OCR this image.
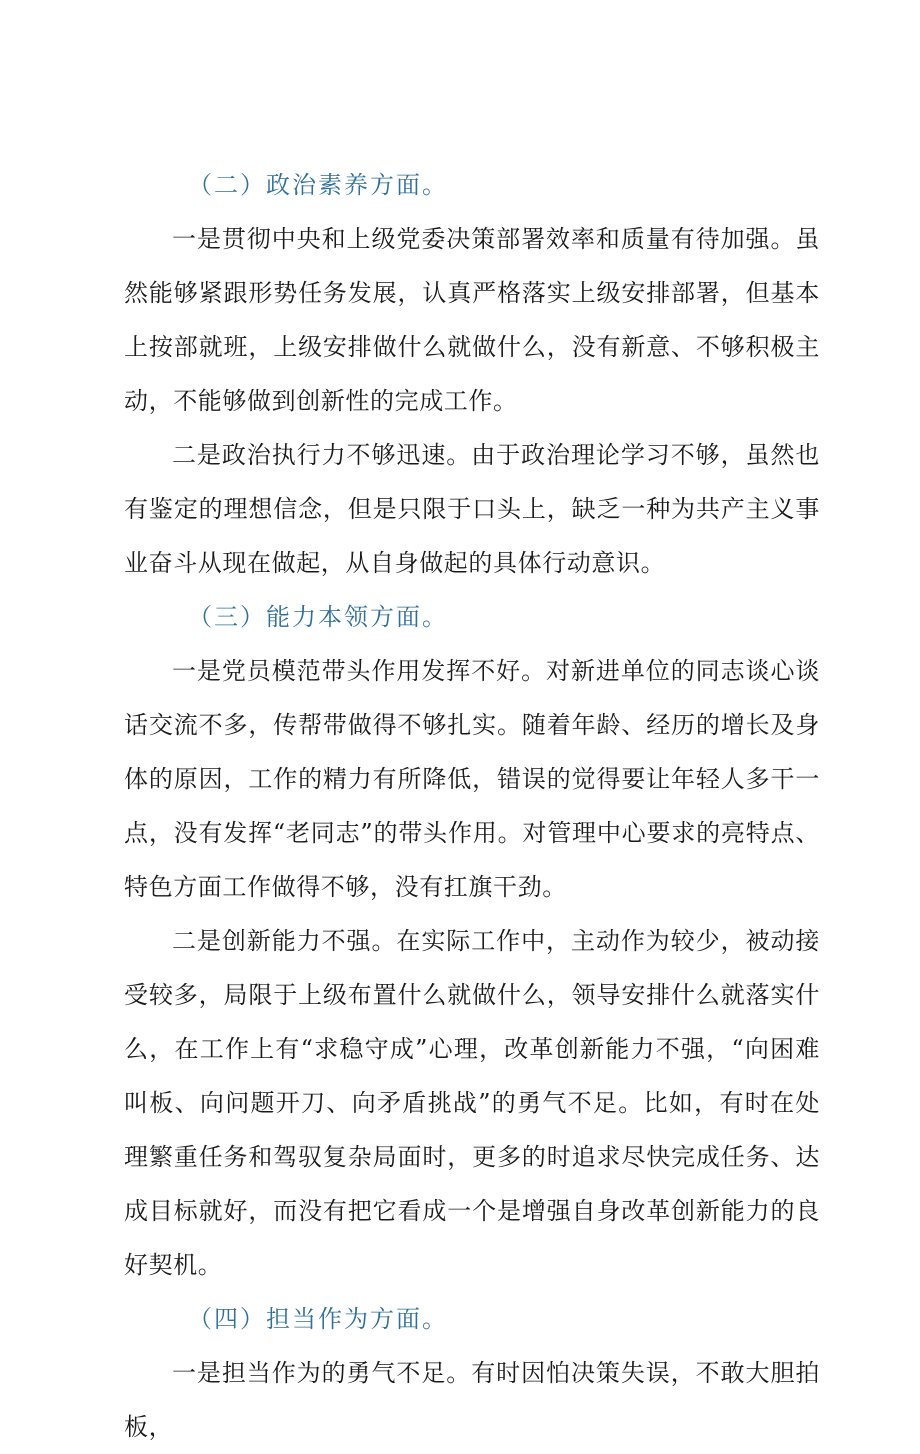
（二）政治素养方面。

一是贯彻中央和上级党委决策部署效率和质量有待加强。虽然能够紧跟形势任务发展，认真严格落实上级安排部署，但基本上按部就班，上级安排做什么就做什么，没有新意、不够积极主动，不能够做到创新性的完成工作。

二是政治执行力不够迅速。由于政治理论学习不够，虽然也有鉴定的理想信念，但是只限于口头上，缺乏一种为共产主义事业奋斗从现在做起，从自身做起的具体行动意识。

（三）能力本领方面。

一是党员模范带头作用发挥不好。对新进单位的同志谈心谈话交流不多，传帮带做得不够扎实。随着年龄、经历的增长及身体的原因，工作的精力有所降低，错误的觉得要让年轻人多干一点，没有发挥“老同志”的带头作用。对管理中心要求的亮特点、特色方面工作做得不够，没有扛旗干劲。

二是创新能力不强。在实际工作中，主动作为较少，被动接受较多，局限于上级布置什么就做什么，领导安排什么就落实什么，在工作上有“求稳守成”心理，改革创新能力不强，“向困难叫板、向问题开刀、向矛盾挑战”的勇气不足。比如，有时在处理繁重任务和驾驭复杂局面时，更多的时追求尽快完成任务、达成目标就好，而没有把它看成一个是增强自身改革创新能力的良好契机。

（四）担当作为方面。

一是担当作为的勇气不足。有时因怕决策失误，不敢大胆拍板，
